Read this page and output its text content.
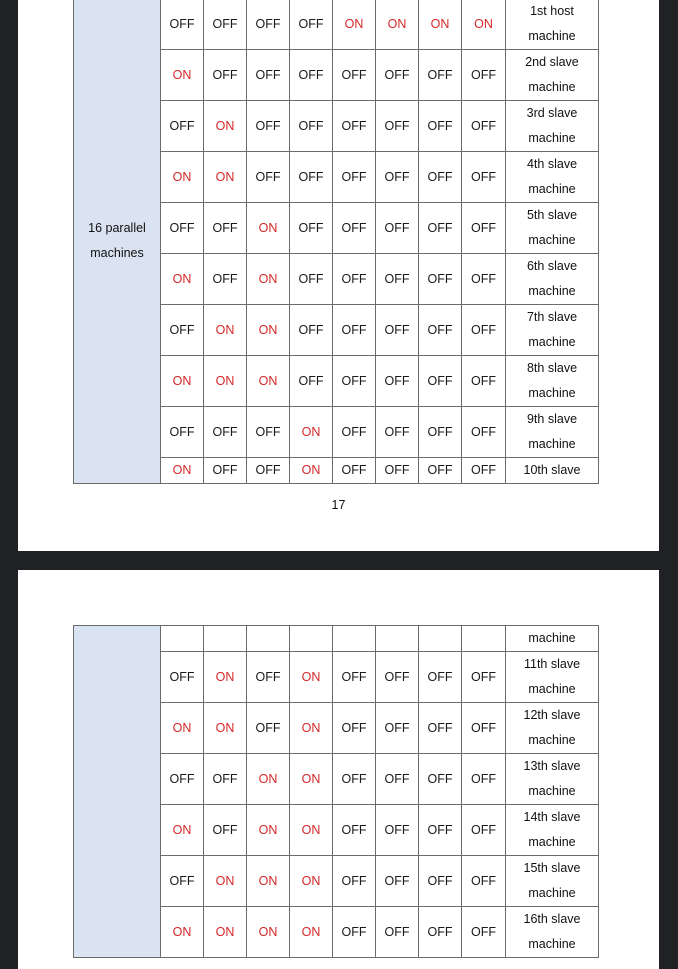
16 parallel
machines	OFF	OFF	OFF	OFF	ON	ON	ON	ON	1st host
machine

	ON	OFF	OFF	OFF	OFF	OFF	OFF	OFF	2nd slave
machine

	OFF	ON	OFF	OFF	OFF	OFF	OFF	OFF	3rd slave
machine

	ON	ON	OFF	OFF	OFF	OFF	OFF	OFF	4th slave
machine

	OFF	OFF	ON	OFF	OFF	OFF	OFF	OFF	5th slave
machine

	ON	OFF	ON	OFF	OFF	OFF	OFF	OFF	6th slave
machine

	OFF	ON	ON	OFF	OFF	OFF	OFF	OFF	7th slave
machine

	ON	ON	ON	OFF	OFF	OFF	OFF	OFF	8th slave
machine

	OFF	OFF	OFF	ON	OFF	OFF	OFF	OFF	9th slave
machine

	ON	OFF	OFF	ON	OFF	OFF	OFF	OFF	10th slave
17

									machine

	OFF	ON	OFF	ON	OFF	OFF	OFF	OFF	11th slave
machine

	ON	ON	OFF	ON	OFF	OFF	OFF	OFF	12th slave
machine

	OFF	OFF	ON	ON	OFF	OFF	OFF	OFF	13th slave
machine

	ON	OFF	ON	ON	OFF	OFF	OFF	OFF	14th slave
machine

	OFF	ON	ON	ON	OFF	OFF	OFF	OFF	15th slave
machine

	ON	ON	ON	ON	OFF	OFF	OFF	OFF	16th slave
machine
